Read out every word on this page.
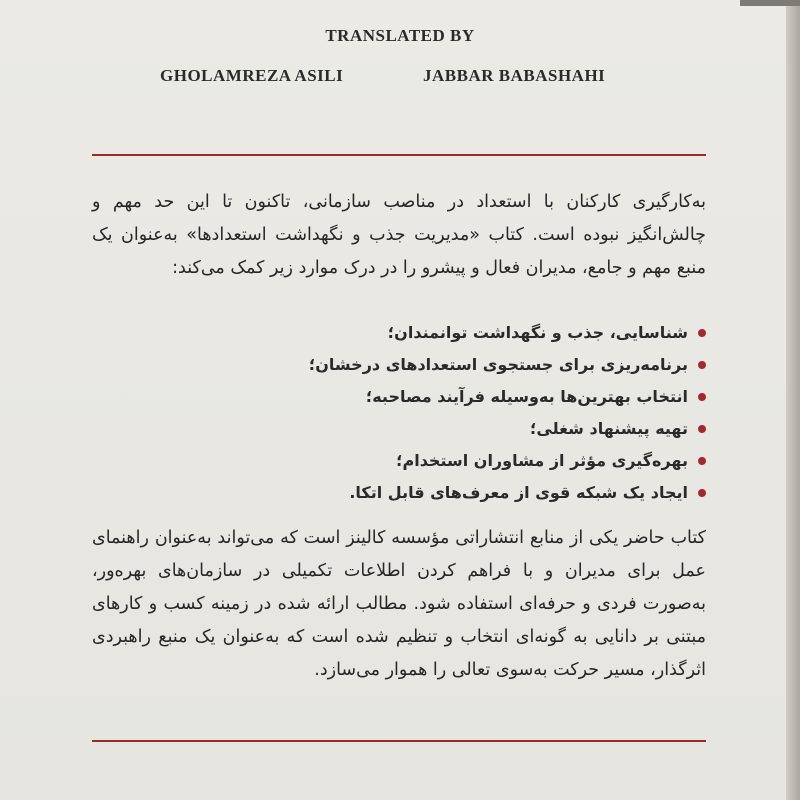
TRANSLATED BY
GHOLAMREZA ASILI	JABBAR BABASHAHI
به‌کارگیری کارکنان با استعداد در مناصب سازمانی، تاکنون تا این حد مهم و چالش‌انگیز نبوده است. کتاب «مدیریت جذب و نگهداشت استعدادها» به‌عنوان یک منبع مهم و جامع، مدیران فعال و پیشرو را در درک موارد زیر کمک می‌کند:
شناسایی، جذب و نگهداشت توانمندان؛
برنامه‌ریزی برای جستجوی استعدادهای درخشان؛
انتخاب بهترین‌ها به‌وسیله فرآیند مصاحبه؛
تهیه پیشنهاد شغلی؛
بهره‌گیری مؤثر از مشاوران استخدام؛
ایجاد یک شبکه قوی از معرف‌های قابل اتکا.
کتاب حاضر یکی از منابع انتشاراتی مؤسسه کالینز است که می‌تواند به‌عنوان راهنمای عمل برای مدیران و با فراهم کردن اطلاعات تکمیلی در سازمان‌های بهره‌ور، به‌صورت فردی و حرفه‌ای استفاده شود. مطالب ارائه شده در زمینه کسب و کارهای مبتنی بر دانایی به گونه‌ای انتخاب و تنظیم شده است که به‌عنوان یک منبع راهبردی اثرگذار، مسیر حرکت به‌سوی تعالی را هموار می‌سازد.
